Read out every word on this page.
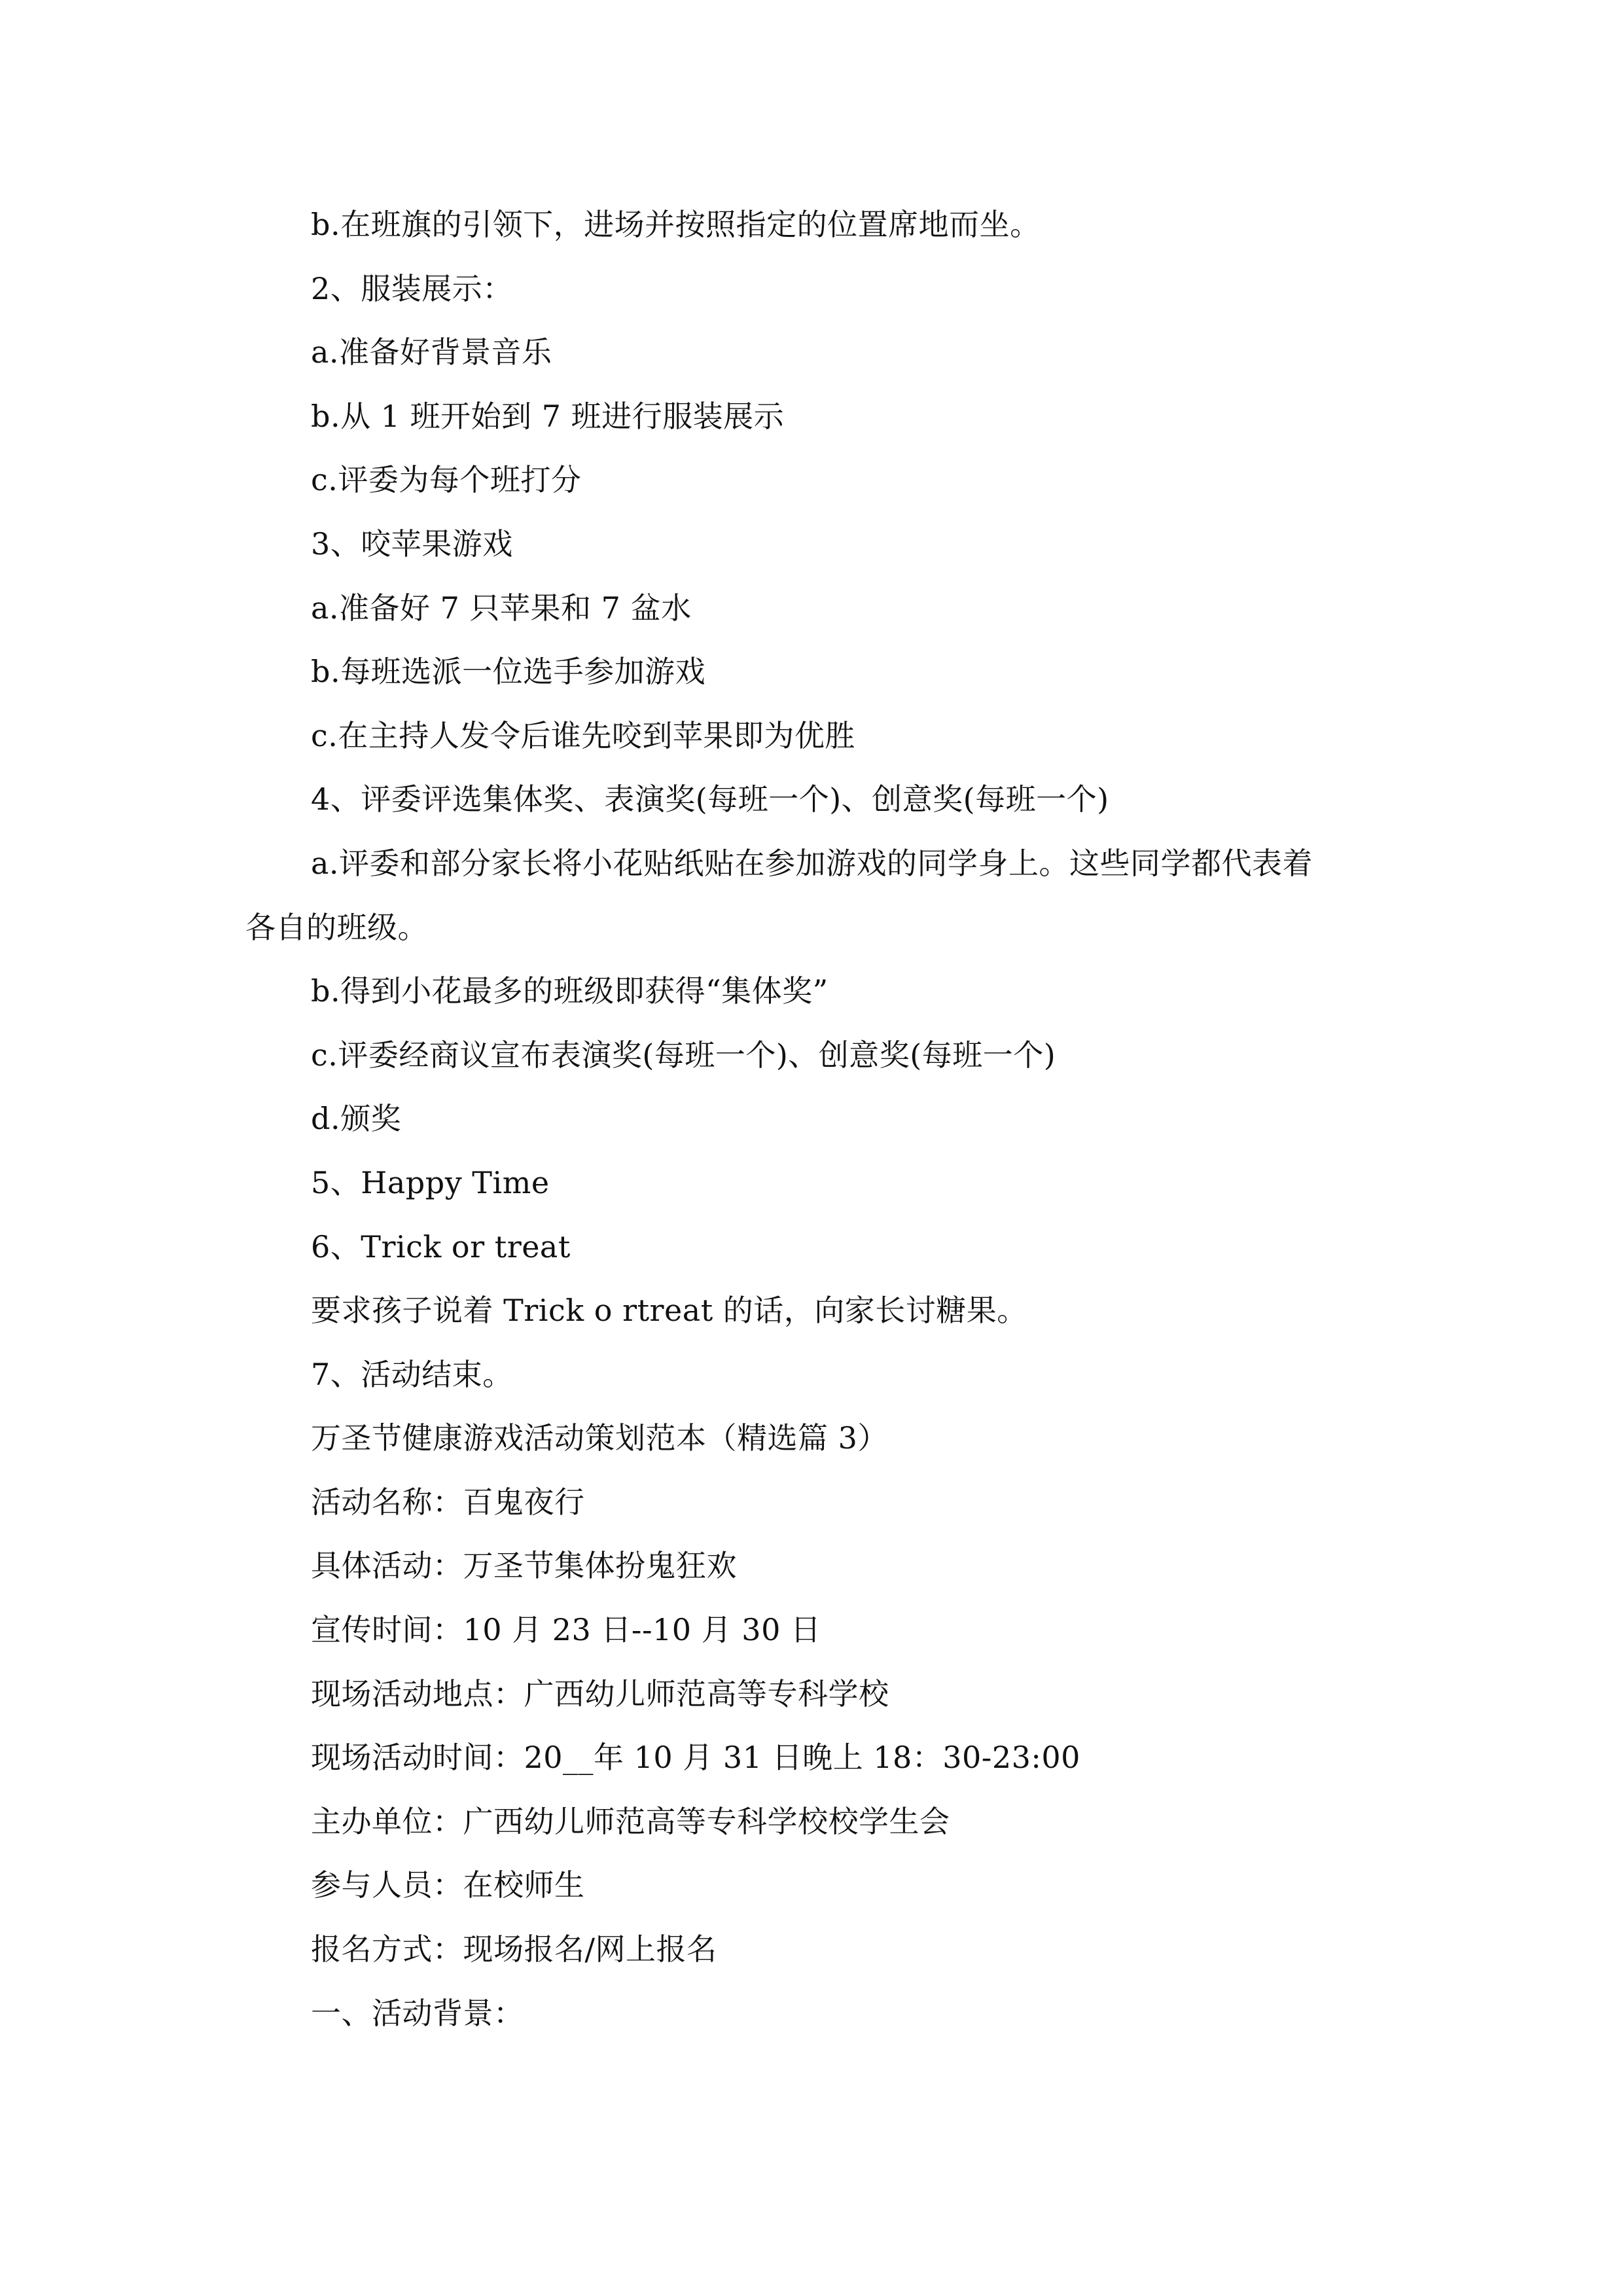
b.在班旗的引领下，进场并按照指定的位置席地而坐。
2、服装展示：
a.准备好背景音乐
b.从 1 班开始到 7 班进行服装展示
c.评委为每个班打分
3、咬苹果游戏
a.准备好 7 只苹果和 7 盆水
b.每班选派一位选手参加游戏
c.在主持人发令后谁先咬到苹果即为优胜
4、评委评选集体奖、表演奖(每班一个)、创意奖(每班一个)
a.评委和部分家长将小花贴纸贴在参加游戏的同学身上。这些同学都代表着
各自的班级。
b.得到小花最多的班级即获得“集体奖”
c.评委经商议宣布表演奖(每班一个)、创意奖(每班一个)
d.颁奖
5、Happy Time
6、Trick or treat
要求孩子说着 Trick o rtreat 的话，向家长讨糖果。
7、活动结束。
万圣节健康游戏活动策划范本（精选篇 3）
活动名称：百鬼夜行
具体活动：万圣节集体扮鬼狂欢
宣传时间：10 月 23 日--10 月 30 日
现场活动地点：广西幼儿师范高等专科学校
现场活动时间：20__年 10 月 31 日晚上 18：30-23:00
主办单位：广西幼儿师范高等专科学校校学生会
参与人员：在校师生
报名方式：现场报名/网上报名
一、活动背景：
